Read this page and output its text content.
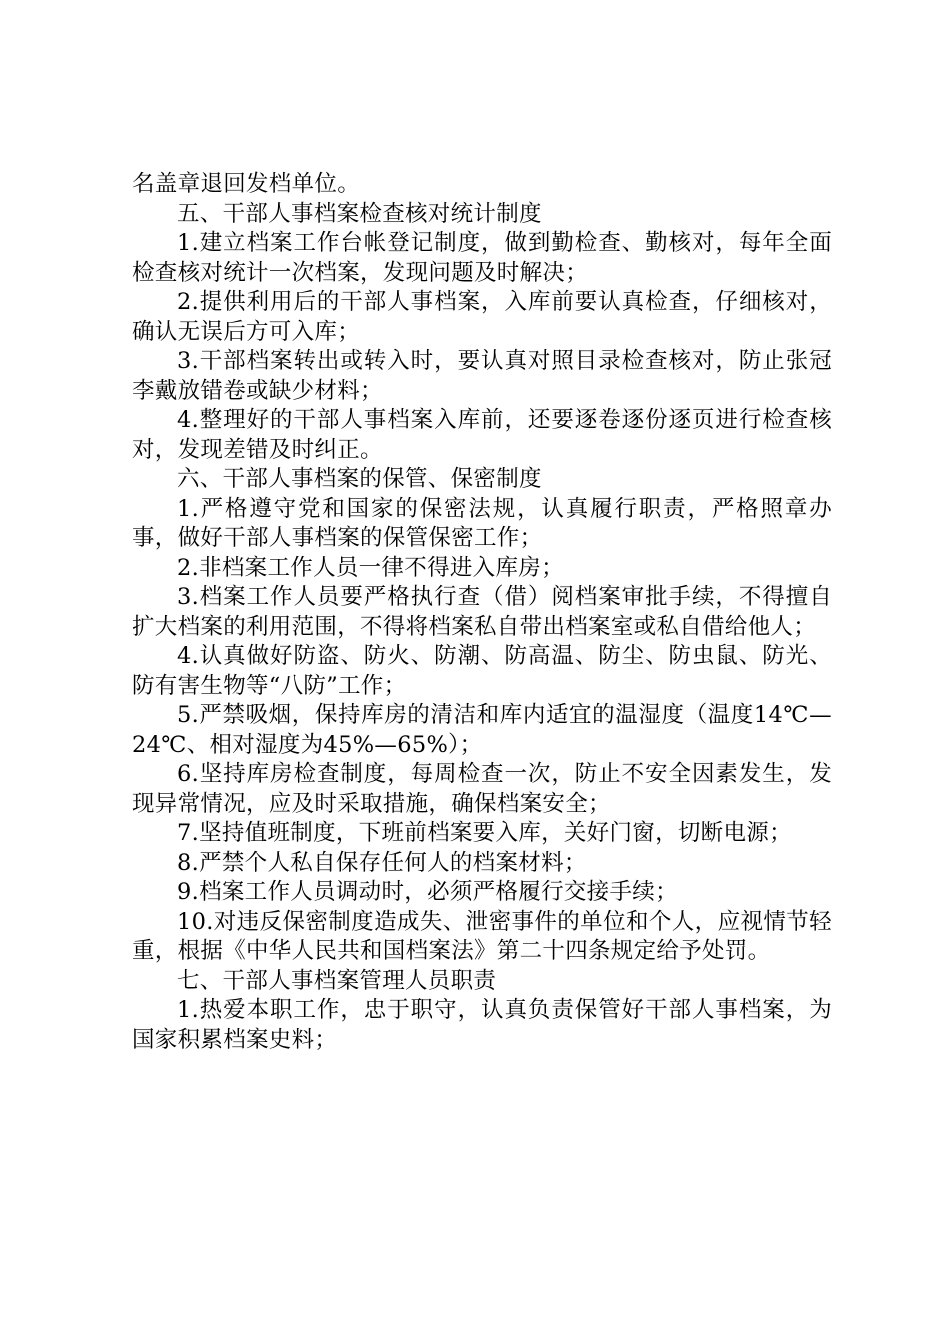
名盖章退回发档单位。

五、干部人事档案检查核对统计制度

1.建立档案工作台帐登记制度，做到勤检查、勤核对，每年全面检查核对统计一次档案，发现问题及时解决；

2.提供利用后的干部人事档案，入库前要认真检查，仔细核对，确认无误后方可入库；

3.干部档案转出或转入时，要认真对照目录检查核对，防止张冠李戴放错卷或缺少材料；

4.整理好的干部人事档案入库前，还要逐卷逐份逐页进行检查核对，发现差错及时纠正。

六、干部人事档案的保管、保密制度

1.严格遵守党和国家的保密法规，认真履行职责，严格照章办事，做好干部人事档案的保管保密工作；

2.非档案工作人员一律不得进入库房；

3.档案工作人员要严格执行查（借）阅档案审批手续，不得擅自扩大档案的利用范围，不得将档案私自带出档案室或私自借给他人；

4.认真做好防盗、防火、防潮、防高温、防尘、防虫鼠、防光、防有害生物等“八防”工作；

5.严禁吸烟，保持库房的清洁和库内适宜的温湿度（温度14℃—24℃、相对湿度为45%—65%）；

6.坚持库房检查制度，每周检查一次，防止不安全因素发生，发现异常情况，应及时采取措施，确保档案安全；

7.坚持值班制度，下班前档案要入库，关好门窗，切断电源；

8.严禁个人私自保存任何人的档案材料；

9.档案工作人员调动时，必须严格履行交接手续；

10.对违反保密制度造成失、泄密事件的单位和个人，应视情节轻重，根据《中华人民共和国档案法》第二十四条规定给予处罚。

七、干部人事档案管理人员职责

1.热爱本职工作，忠于职守，认真负责保管好干部人事档案，为国家积累档案史料；
